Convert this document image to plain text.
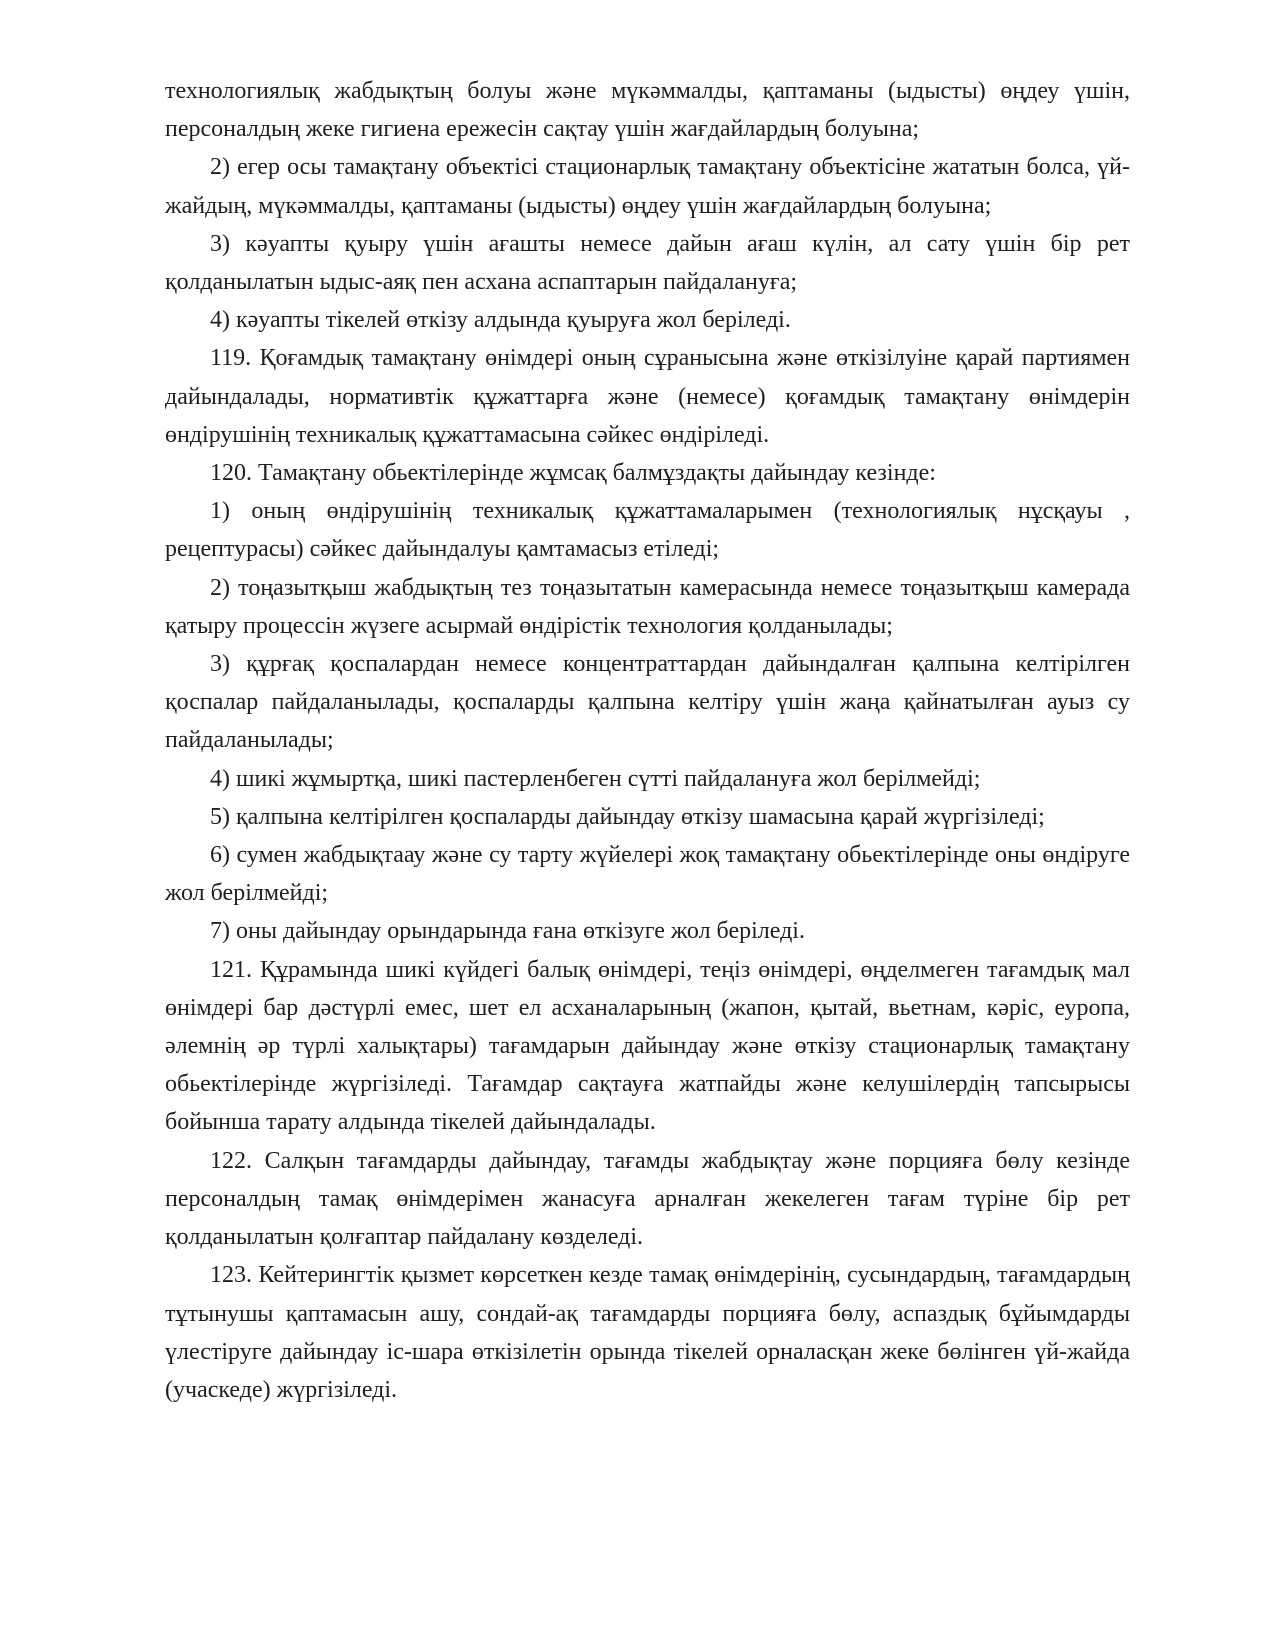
технологиялық жабдықтың болуы және мүкәммалды, қаптаманы (ыдысты) өңдеу үшін, персоналдың жеке гигиена ережесін сақтау үшін жағдайлардың болуына;

2) егер осы тамақтану объектісі стационарлық тамақтану объектісіне жататын болса, үй-жайдың, мүкәммалды, қаптаманы (ыдысты) өңдеу үшін жағдайлардың болуына;

3) кәуапты қуыру үшін ағашты немесе дайын ағаш күлін, ал сату үшін бір рет қолданылатын ыдыс-аяқ пен асхана аспаптарын пайдалануға;

4) кәуапты тікелей өткізу алдында қуыруға жол беріледі.

119. Қоғамдық тамақтану өнімдері оның сұранысына және өткізілуіне қарай партиямен дайындалады, нормативтік құжаттарға және (немесе) қоғамдық тамақтану өнімдерін өндірушінің техникалық құжаттамасына сәйкес өндіріледі.

120. Тамақтану обьектілерінде жұмсақ балмұздақты дайындау кезінде:

1) оның өндірушінің техникалық құжаттамаларымен (технологиялық нұсқауы , рецептурасы) сәйкес дайындалуы қамтамасыз етіледі;

2) тоңазытқыш жабдықтың тез тоңазытатын камерасында немесе тоңазытқыш камерада қатыру процессін жүзеге асырмай өндірістік технология қолданылады;

3) құрғақ қоспалардан немесе концентраттардан дайындалған қалпына келтірілген қоспалар пайдаланылады, қоспаларды қалпына келтіру үшін жаңа қайнатылған ауыз су пайдаланылады;

4) шикі жұмыртқа, шикі пастерленбеген сүтті пайдалануға жол берілмейді;

5) қалпына келтірілген қоспаларды дайындау өткізу шамасына қарай жүргізіледі;

6) сумен жабдықтаау және су тарту жүйелері жоқ тамақтану обьектілерінде оны өндіруге жол берілмейді;

7) оны дайындау орындарында ғана өткізуге жол беріледі.

121. Құрамында шикі күйдегі балық өнімдері, теңіз өнімдері, өңделмеген тағамдық мал өнімдері бар дәстүрлі емес, шет ел асханаларының (жапон, қытай, вьетнам, кәріс, еуропа, әлемнің әр түрлі халықтары) тағамдарын дайындау және өткізу стационарлық тамақтану обьектілерінде жүргізіледі. Тағамдар сақтауға жатпайды және келушілердің тапсырысы бойынша тарату алдында тікелей дайындалады.

122. Салқын тағамдарды дайындау, тағамды жабдықтау және порцияға бөлу кезінде персоналдың тамақ өнімдерімен жанасуға арналған жекелеген тағам түріне бір рет қолданылатын қолғаптар пайдалану көзделеді.

123. Кейтерингтік қызмет көрсеткен кезде тамақ өнімдерінің, сусындардың, тағамдардың тұтынушы қаптамасын ашу, сондай-ақ тағамдарды порцияға бөлу, аспаздық бұйымдарды үлестіруге дайындау іс-шара өткізілетін орында тікелей орналасқан жеке бөлінген үй-жайда (учаскеде) жүргізіледі.
